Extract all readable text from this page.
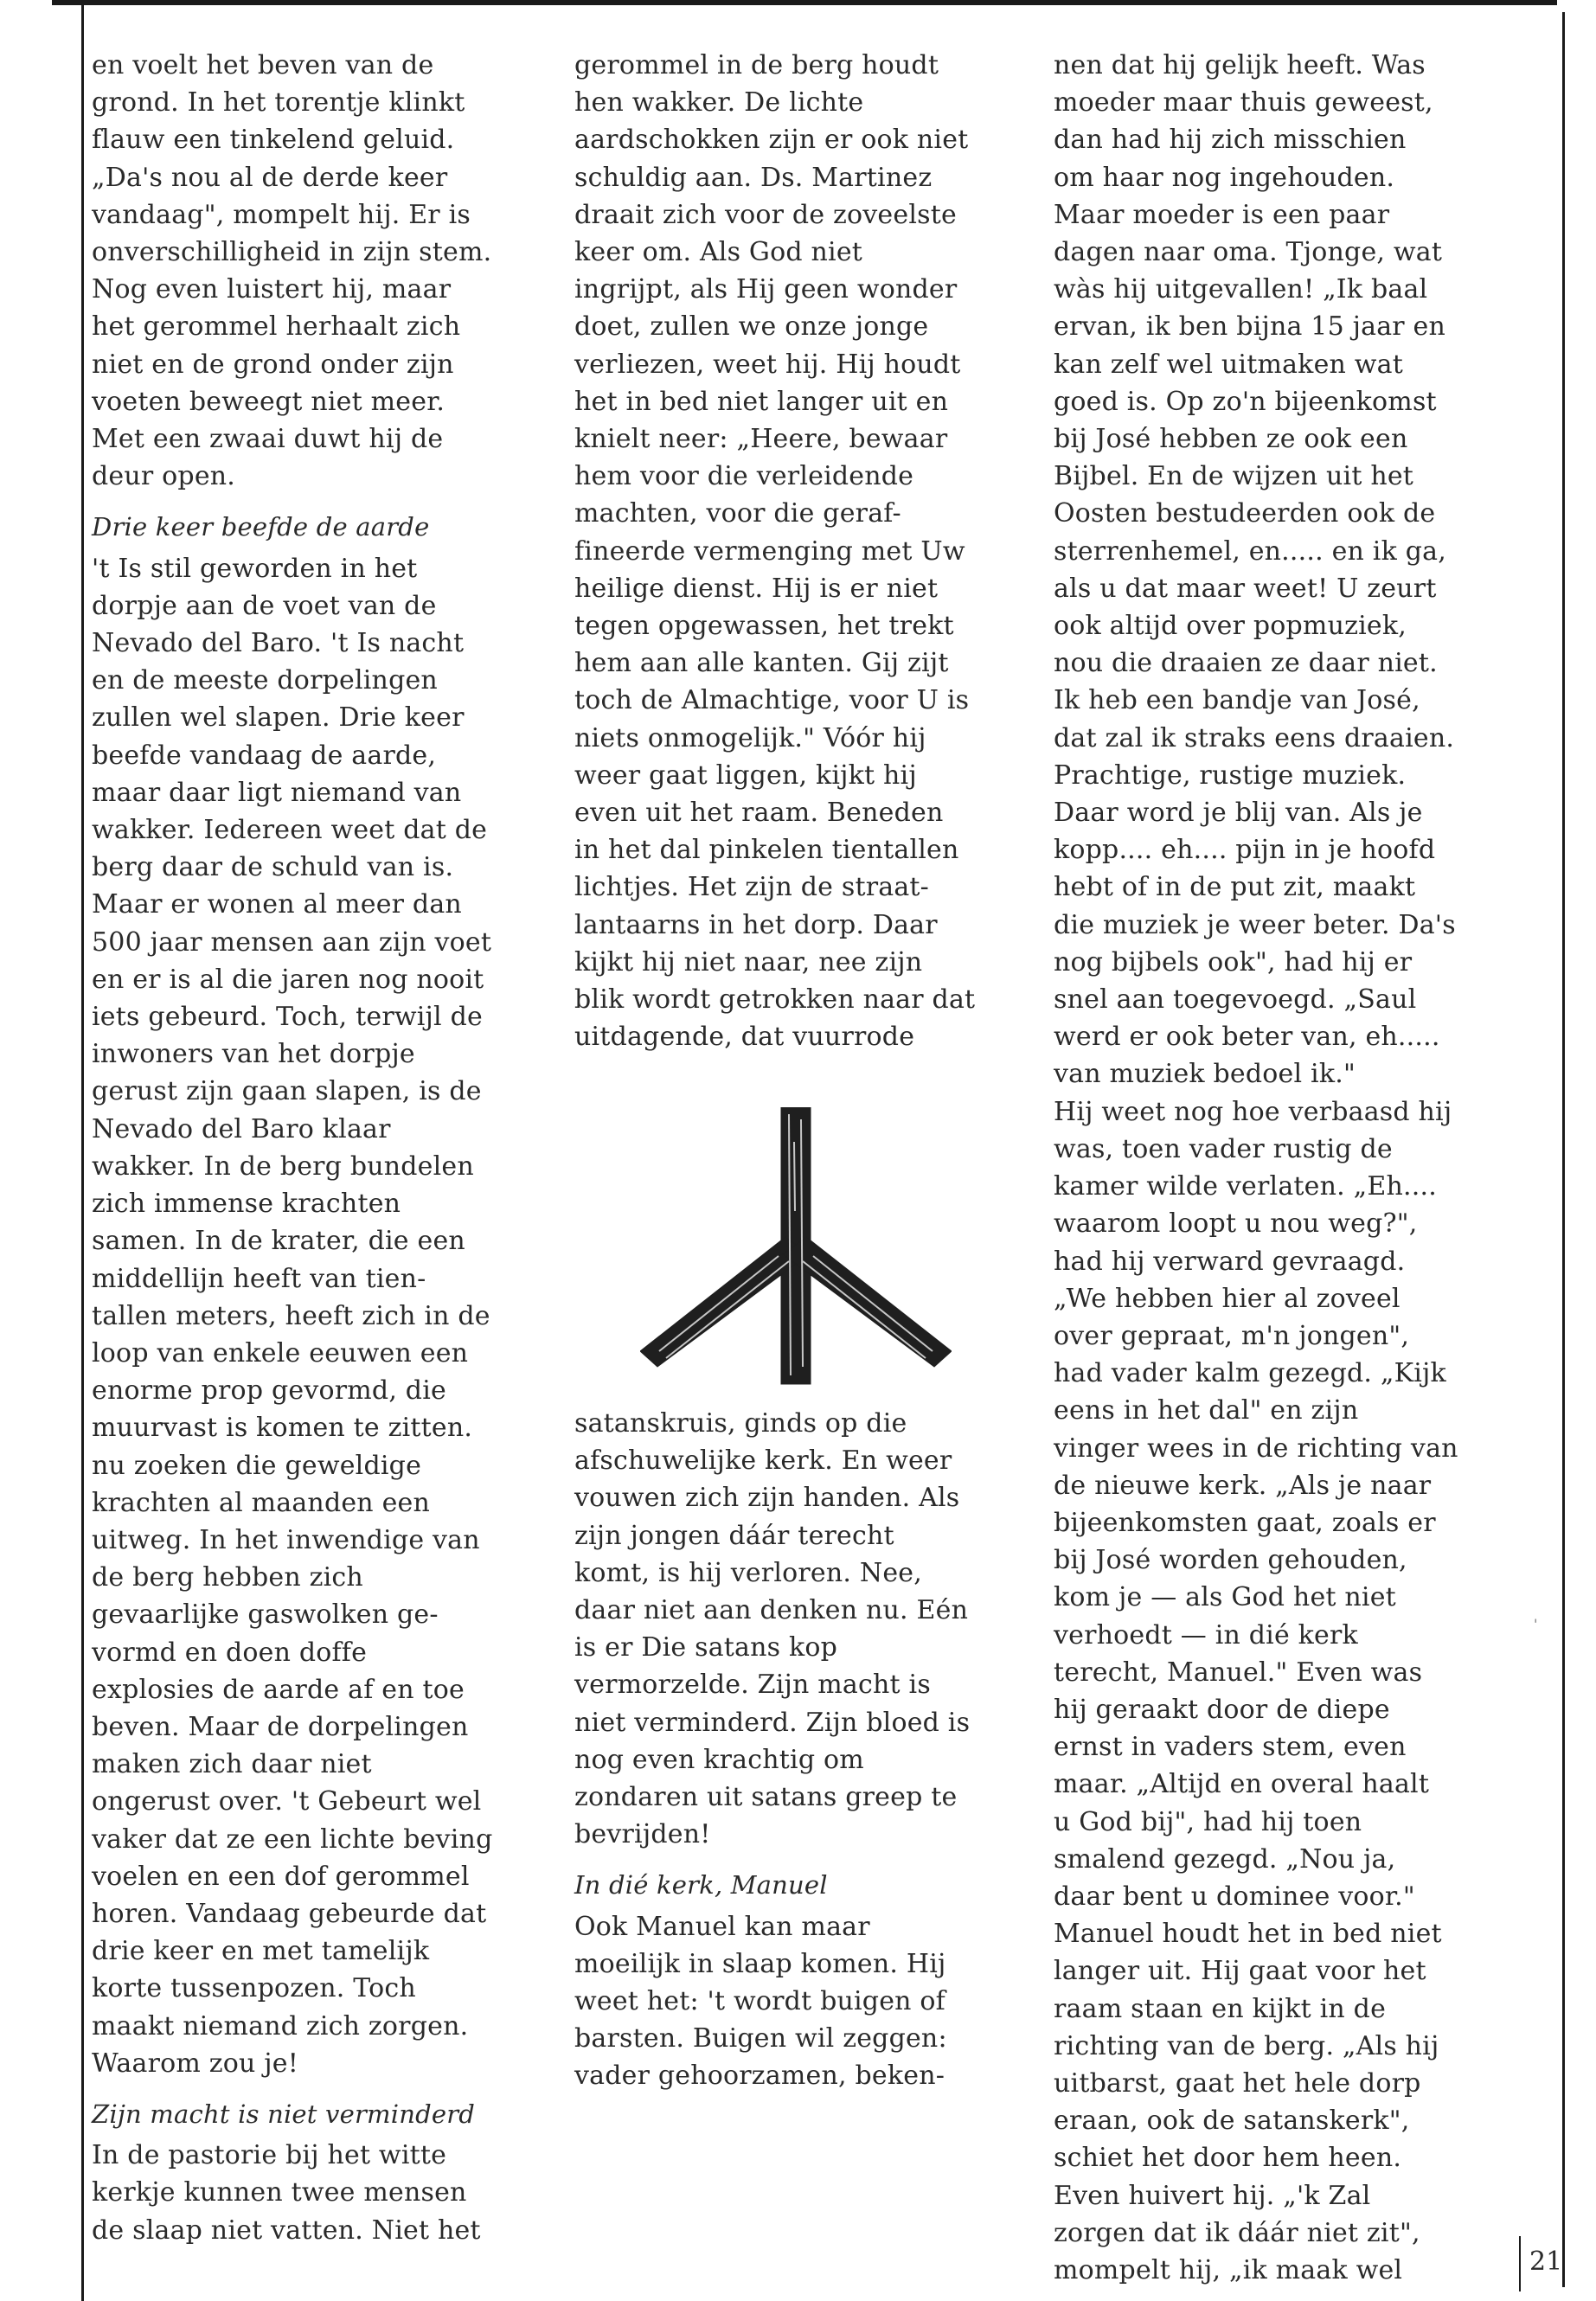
en voelt het beven van de
grond. In het torentje klinkt
flauw een tinkelend geluid.
„Da's nou al de derde keer
vandaag", mompelt hij. Er is
onverschilligheid in zijn stem.
Nog even luistert hij, maar
het gerommel herhaalt zich
niet en de grond onder zijn
voeten beweegt niet meer.
Met een zwaai duwt hij de
deur open.

Drie keer beefde de aarde

't Is stil geworden in het
dorpje aan de voet van de
Nevado del Baro. 't Is nacht
en de meeste dorpelingen
zullen wel slapen. Drie keer
beefde vandaag de aarde,
maar daar ligt niemand van
wakker. Iedereen weet dat de
berg daar de schuld van is.
Maar er wonen al meer dan
500 jaar mensen aan zijn voet
en er is al die jaren nog nooit
iets gebeurd. Toch, terwijl de
inwoners van het dorpje
gerust zijn gaan slapen, is de
Nevado del Baro klaar
wakker. In de berg bundelen
zich immense krachten
samen. In de krater, die een
middellijn heeft van tien-
tallen meters, heeft zich in de
loop van enkele eeuwen een
enorme prop gevormd, die
muurvast is komen te zitten.
nu zoeken die geweldige
krachten al maanden een
uitweg. In het inwendige van
de berg hebben zich
gevaarlijke gaswolken ge-
vormd en doen doffe
explosies de aarde af en toe
beven. Maar de dorpelingen
maken zich daar niet
ongerust over. 't Gebeurt wel
vaker dat ze een lichte beving
voelen en een dof gerommel
horen. Vandaag gebeurde dat
drie keer en met tamelijk
korte tussenpozen. Toch
maakt niemand zich zorgen.
Waarom zou je!

Zijn macht is niet verminderd

In de pastorie bij het witte
kerkje kunnen twee mensen
de slaap niet vatten. Niet het
gerommel in de berg houdt
hen wakker. De lichte
aardschokken zijn er ook niet
schuldig aan. Ds. Martinez
draait zich voor de zoveelste
keer om. Als God niet
ingrijpt, als Hij geen wonder
doet, zullen we onze jonge
verliezen, weet hij. Hij houdt
het in bed niet langer uit en
knielt neer: „Heere, bewaar
hem voor die verleidende
machten, voor die geraf-
fineerde vermenging met Uw
heilige dienst. Hij is er niet
tegen opgewassen, het trekt
hem aan alle kanten. Gij zijt
toch de Almachtige, voor U is
niets onmogelijk." Vóór hij
weer gaat liggen, kijkt hij
even uit het raam. Beneden
in het dal pinkelen tientallen
lichtjes. Het zijn de straat-
lantaarns in het dorp. Daar
kijkt hij niet naar, nee zijn
blik wordt getrokken naar dat
uitdagende, dat vuurrode
satanskruis, ginds op die
afschuwelijke kerk. En weer
vouwen zich zijn handen. Als
zijn jongen dáár terecht
komt, is hij verloren. Nee,
daar niet aan denken nu. Eén
is er Die satans kop
vermorzelde. Zijn macht is
niet verminderd. Zijn bloed is
nog even krachtig om
zondaren uit satans greep te
bevrijden!

In dié kerk, Manuel

Ook Manuel kan maar
moeilijk in slaap komen. Hij
weet het: 't wordt buigen of
barsten. Buigen wil zeggen:
vader gehoorzamen, beken-
nen dat hij gelijk heeft. Was
moeder maar thuis geweest,
dan had hij zich misschien
om haar nog ingehouden.
Maar moeder is een paar
dagen naar oma. Tjonge, wat
wàs hij uitgevallen! „Ik baal
ervan, ik ben bijna 15 jaar en
kan zelf wel uitmaken wat
goed is. Op zo'n bijeenkomst
bij José hebben ze ook een
Bijbel. En de wijzen uit het
Oosten bestudeerden ook de
sterrenhemel, en..... en ik ga,
als u dat maar weet! U zeurt
ook altijd over popmuziek,
nou die draaien ze daar niet.
Ik heb een bandje van José,
dat zal ik straks eens draaien.
Prachtige, rustige muziek.
Daar word je blij van. Als je
kopp.... eh.... pijn in je hoofd
hebt of in de put zit, maakt
die muziek je weer beter. Da's
nog bijbels ook", had hij er
snel aan toegevoegd. „Saul
werd er ook beter van, eh.....
van muziek bedoel ik."
Hij weet nog hoe verbaasd hij
was, toen vader rustig de
kamer wilde verlaten. „Eh....
waarom loopt u nou weg?",
had hij verward gevraagd.
„We hebben hier al zoveel
over gepraat, m'n jongen",
had vader kalm gezegd. „Kijk
eens in het dal" en zijn
vinger wees in de richting van
de nieuwe kerk. „Als je naar
bijeenkomsten gaat, zoals er
bij José worden gehouden,
kom je — als God het niet
verhoedt — in dié kerk
terecht, Manuel." Even was
hij geraakt door de diepe
ernst in vaders stem, even
maar. „Altijd en overal haalt
u God bij", had hij toen
smalend gezegd. „Nou ja,
daar bent u dominee voor."
Manuel houdt het in bed niet
langer uit. Hij gaat voor het
raam staan en kijkt in de
richting van de berg. „Als hij
uitbarst, gaat het hele dorp
eraan, ook de satanskerk",
schiet het door hem heen.
Even huivert hij. „'k Zal
zorgen dat ik dáár niet zit",
mompelt hij, „ik maak wel
'
21
